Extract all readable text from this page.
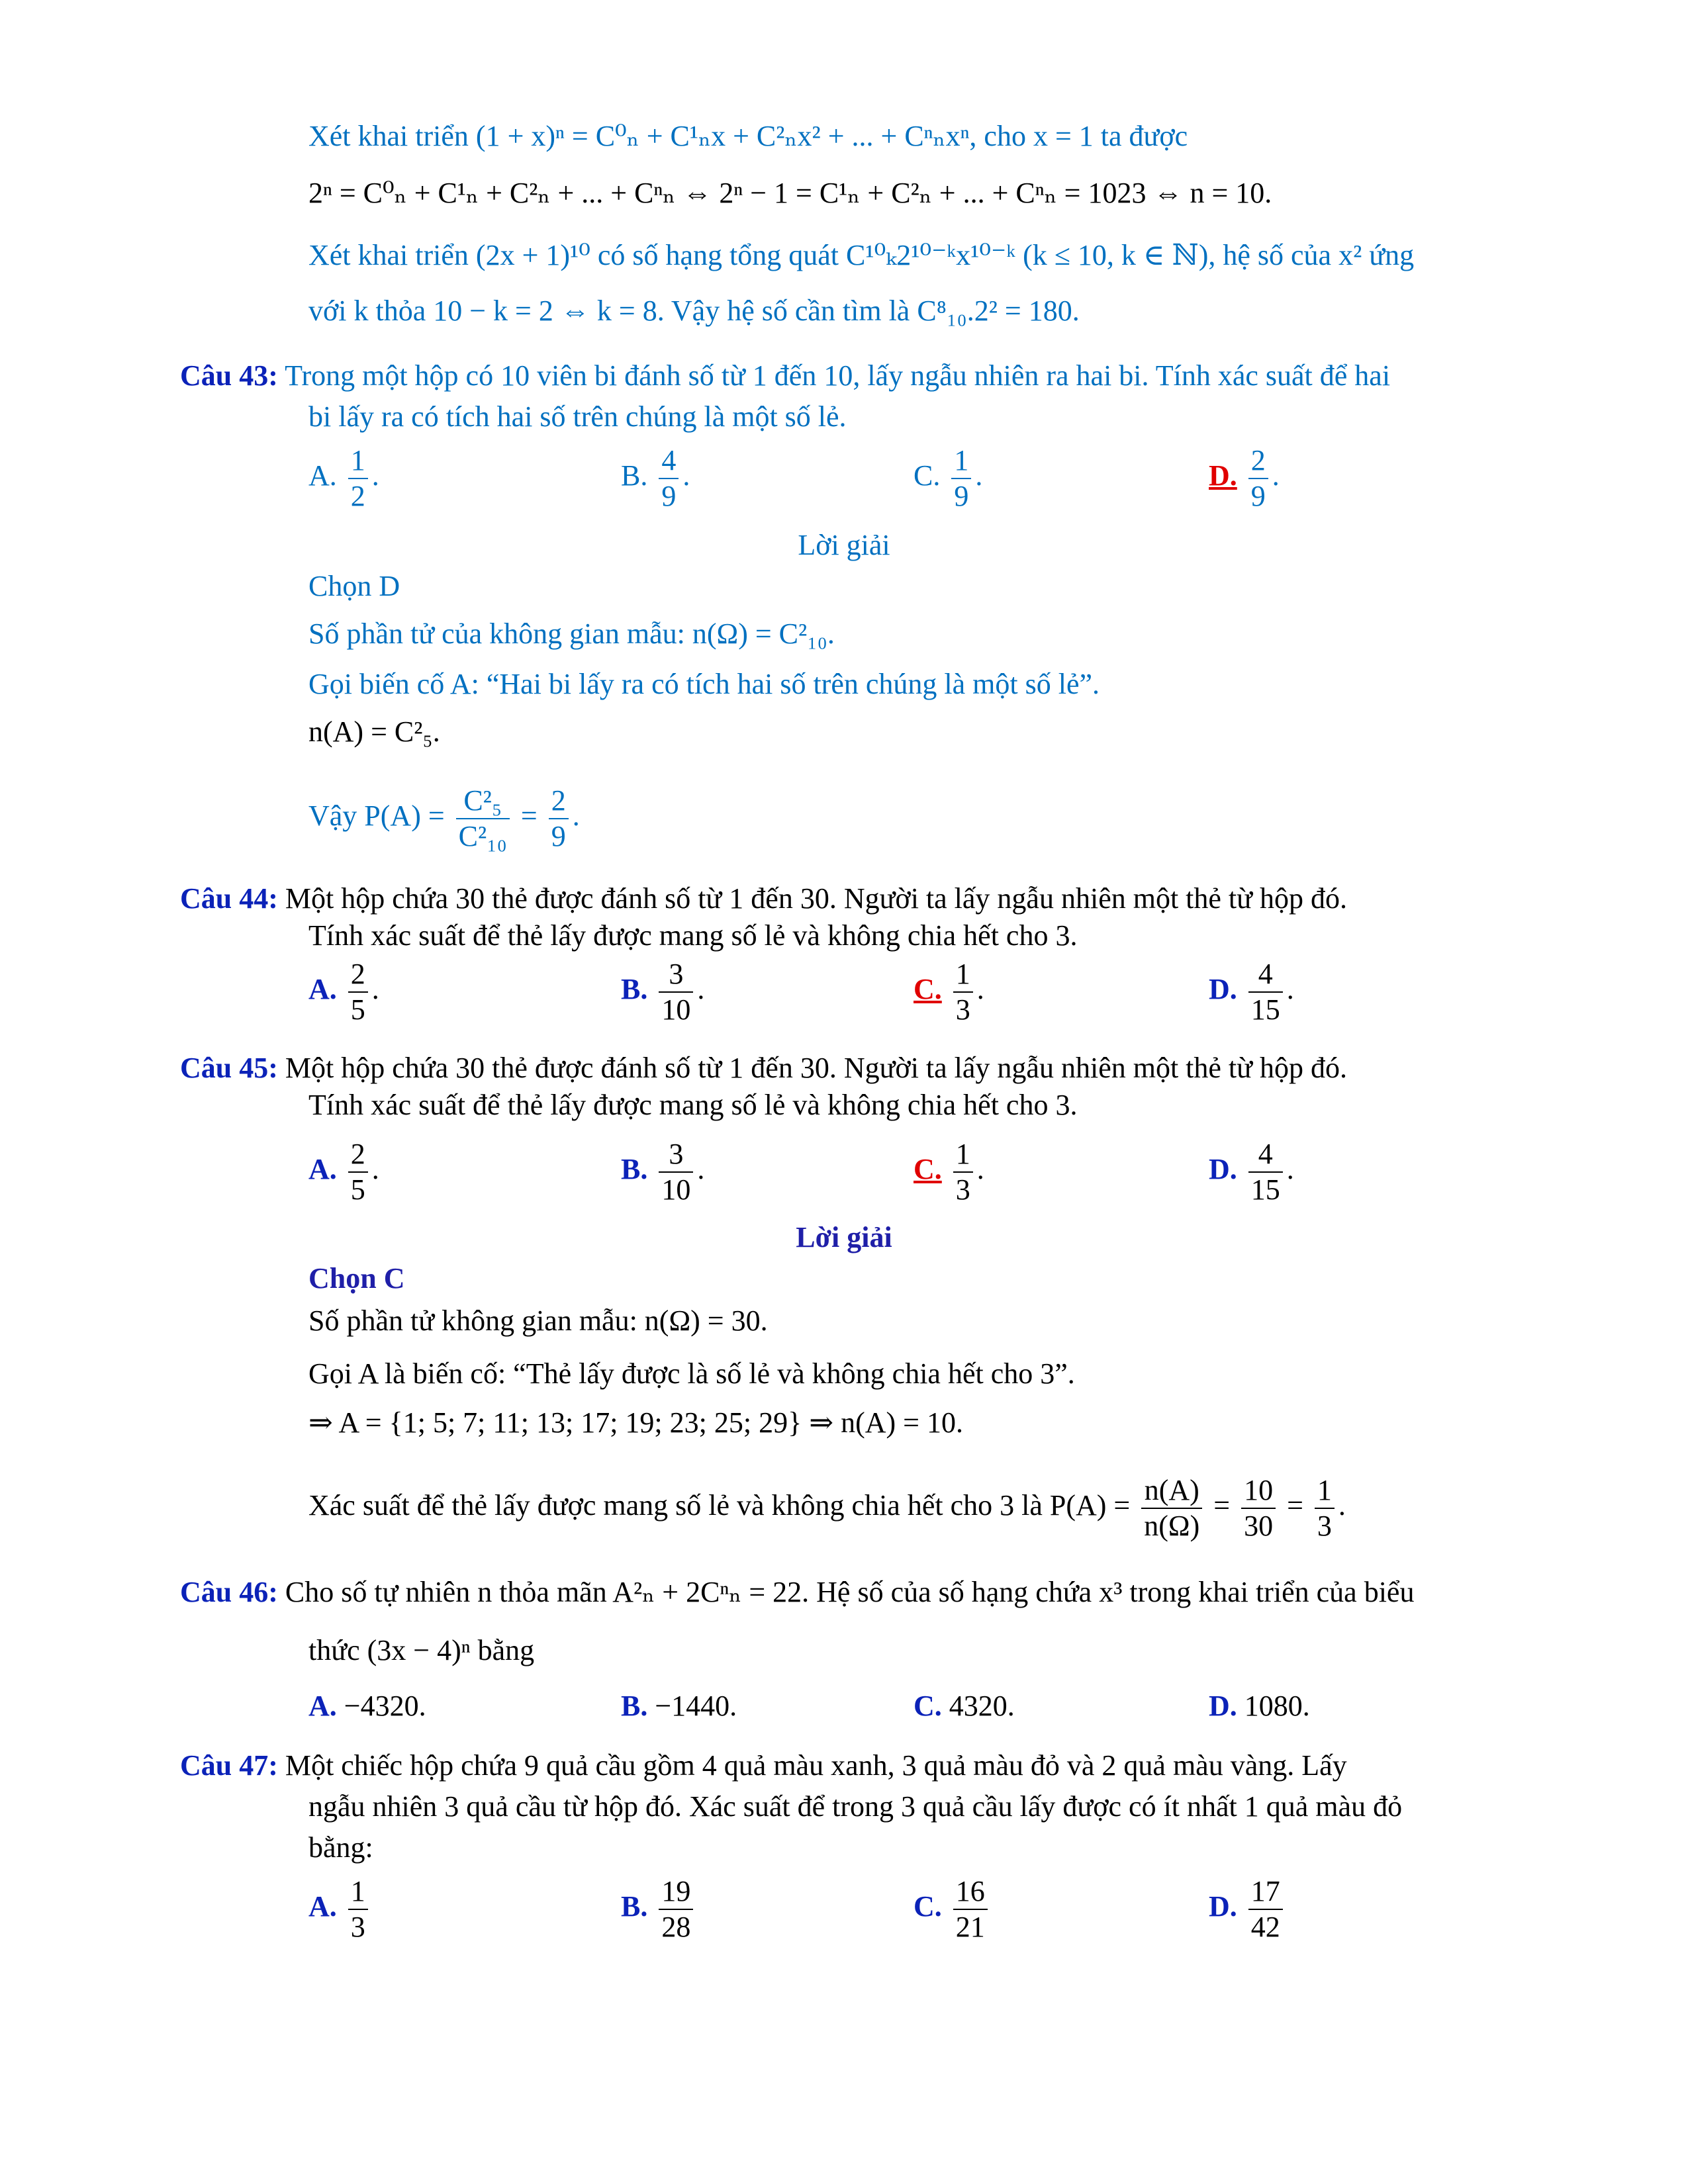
Xét khai triển (1 + x)ⁿ = C⁰ₙ + C¹ₙx + C²ₙx² + ... + Cⁿₙxⁿ, cho x = 1 ta được
2ⁿ = C⁰ₙ + C¹ₙ + C²ₙ + ... + Cⁿₙ ⇔ 2ⁿ − 1 = C¹ₙ + C²ₙ + ... + Cⁿₙ = 1023 ⇔ n = 10.
Xét khai triển (2x + 1)¹⁰ có số hạng tổng quát C¹⁰ₖ2¹⁰⁻ᵏx¹⁰⁻ᵏ (k ≤ 10, k ∈ ℕ), hệ số của x² ứng
với k thỏa 10 − k = 2 ⇔ k = 8. Vậy hệ số cần tìm là C⁸₁₀.2² = 180.
Câu 43: Trong một hộp có 10 viên bi đánh số từ 1 đến 10, lấy ngẫu nhiên ra hai bi. Tính xác suất để hai
bi lấy ra có tích hai số trên chúng là một số lẻ.
A. $\frac{1}{2}$ .	B. $\frac{4}{9}$ .	C. $\frac{1}{9}$ .	D. $\frac{2}{9}$ .
Lời giải
Chọn D
Số phần tử của không gian mẫu: n(Ω) = C²₁₀.
Gọi biến cố A: “Hai bi lấy ra có tích hai số trên chúng là một số lẻ”.
n(A) = C²₅.
Vậy $P(A) = \frac{\text{C²₅}}{\text{C²₁₀}} = \frac{2}{9}$ .
Câu 44: Một hộp chứa 30 thẻ được đánh số từ 1 đến 30. Người ta lấy ngẫu nhiên một thẻ từ hộp đó.
Tính xác suất để thẻ lấy được mang số lẻ và không chia hết cho 3.
A. $\frac{2}{5}$ .	B. $\frac{3}{10}$ .	C. $\frac{1}{3}$ .	D. $\frac{4}{15}$ .
Câu 45: Một hộp chứa 30 thẻ được đánh số từ 1 đến 30. Người ta lấy ngẫu nhiên một thẻ từ hộp đó.
Tính xác suất để thẻ lấy được mang số lẻ và không chia hết cho 3.
A. $\frac{2}{5}$ .	B. $\frac{3}{10}$ .	C. $\frac{1}{3}$ .	D. $\frac{4}{15}$ .
Lời giải
Chọn C
Số phần tử không gian mẫu: n(Ω) = 30.
Gọi A là biến cố: “Thẻ lấy được là số lẻ và không chia hết cho 3”.
⇒ A = {1; 5; 7; 11; 13; 17; 19; 23; 25; 29} ⇒ n(A) = 10.
Xác suất để thẻ lấy được mang số lẻ và không chia hết cho 3 là $P(A) = \frac{n(A)}{n(\Omega)} = \frac{10}{30} = \frac{1}{3}$ .
Câu 46: Cho số tự nhiên n thỏa mãn A²ₙ + 2Cⁿₙ = 22. Hệ số của số hạng chứa x³ trong khai triển của biểu
thức (3x − 4)ⁿ bằng
A. −4320.	B. −1440.	C. 4320.	D. 1080.
Câu 47: Một chiếc hộp chứa 9 quả cầu gồm 4 quả màu xanh, 3 quả màu đỏ và 2 quả màu vàng. Lấy
ngẫu nhiên 3 quả cầu từ hộp đó. Xác suất để trong 3 quả cầu lấy được có ít nhất 1 quả màu đỏ
bằng:
A. $\frac{1}{3}$	B. $\frac{19}{28}$	C. $\frac{16}{21}$	D. $\frac{17}{42}$
